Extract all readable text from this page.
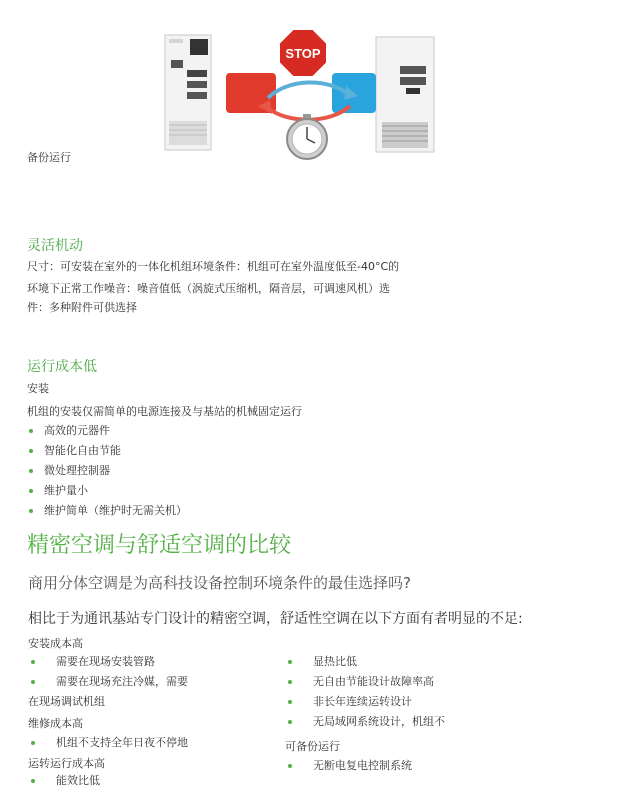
STOP
备份运行
灵活机动
尺寸：可安装在室外的一体化机组环境条件：机组可在室外温度低至-40°C的
环境下正常工作噪音：噪音值低（涡旋式压缩机，隔音层，可调速风机）选
件：多种附件可供选择
运行成本低
安装
机组的安装仅需简单的电源连接及与基站的机械固定运行
高效的元器件
智能化自由节能
微处理控制器
维护量小
维护简单（维护时无需关机）
精密空调与舒适空调的比较
商用分体空调是为高科技设备控制环境条件的最佳选择吗?
相比于为通讯基站专门设计的精密空调，舒适性空调在以下方面有者明显的不足:
安装成本高
需要在现场安装管路
需要在现场充注冷媒，需要
在现场调试机组
维修成本高
机组不支持全年日夜不停地
运转运行成本高
能效比低
显热比低
无自由节能设计故障率高
非长年连续运转设计
无局域网系统设计，机组不
可备份运行
无断电复电控制系统
